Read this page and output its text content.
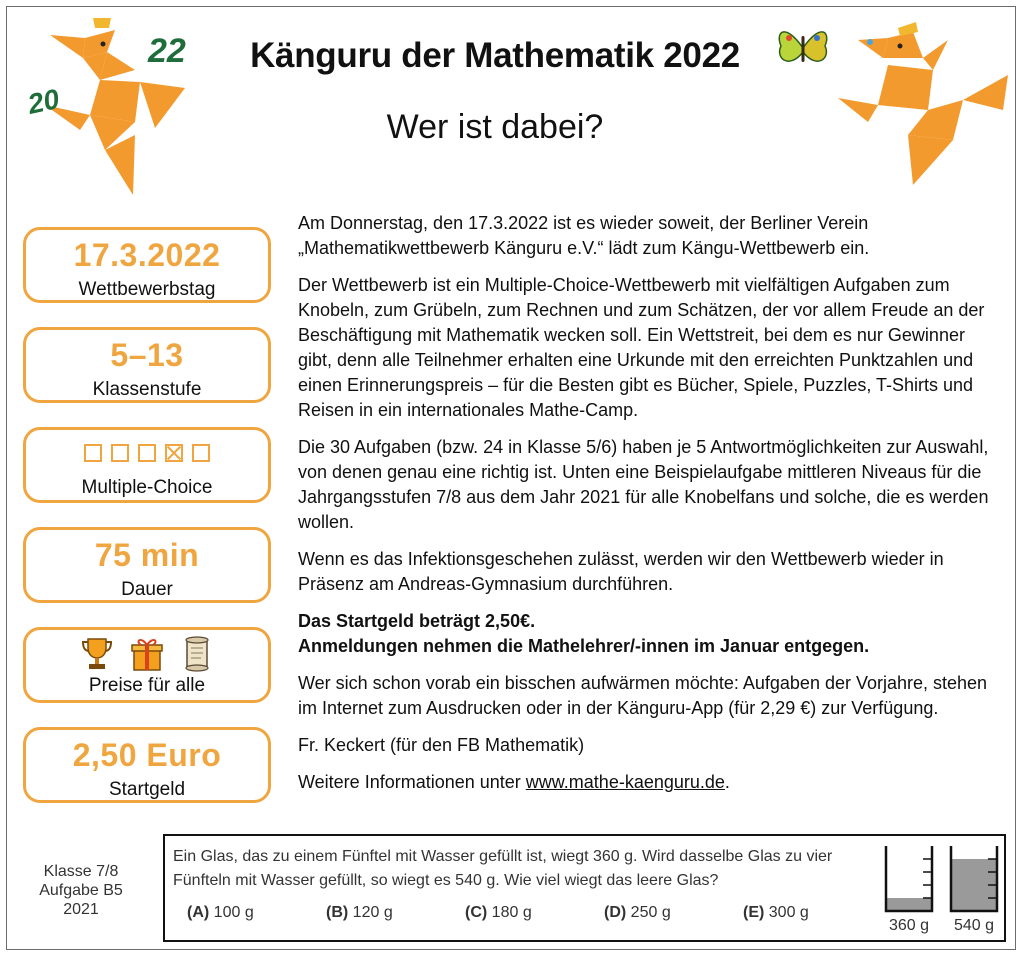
20
22	Känguru der Mathematik 2022
Wer ist dabei?
17.3.2022
Wettbewerbstag
5–13
Klassenstufe
Multiple-Choice
75 min
Dauer
Preise für alle
2,50 Euro
Startgeld

Am Donnerstag, den 17.3.2022 ist es wieder soweit, der Berliner Verein „Mathematikwettbewerb Känguru e.V.“ lädt zum Kängu-Wettbewerb ein.

Der Wettbewerb ist ein Multiple-Choice-Wettbewerb mit vielfältigen Aufgaben zum Knobeln, zum Grübeln, zum Rechnen und zum Schätzen, der vor allem Freude an der Beschäftigung mit Mathematik wecken soll. Ein Wettstreit, bei dem es nur Gewinner gibt, denn alle Teilnehmer erhalten eine Urkunde mit den erreichten Punktzahlen und einen Erinnerungspreis – für die Besten gibt es Bücher, Spiele, Puzzles, T-Shirts und Reisen in ein internationales Mathe-Camp.

Die 30 Aufgaben (bzw. 24 in Klasse 5/6) haben je 5 Antwortmöglichkeiten zur Auswahl, von denen genau eine richtig ist. Unten eine Beispielaufgabe mittleren Niveaus für die Jahrgangsstufen 7/8 aus dem Jahr 2021 für alle Knobelfans und solche, die es werden wollen.

Wenn es das Infektionsgeschehen zulässt, werden wir den Wettbewerb wieder in Präsenz am Andreas-Gymnasium durchführen.

Das Startgeld beträgt 2,50€.
Anmeldungen nehmen die Mathelehrer/-innen im Januar entgegen.

Wer sich schon vorab ein bisschen aufwärmen möchte: Aufgaben der Vorjahre, stehen im Internet zum Ausdrucken oder in der Känguru-App (für 2,29 €) zur Verfügung.

Fr. Keckert (für den FB Mathematik)

Weitere Informationen unter www.mathe-kaenguru.de.

Klasse 7/8
Aufgabe B5
2021
Ein Glas, das zu einem Fünftel mit Wasser gefüllt ist, wiegt 360 g. Wird dasselbe Glas zu vier Fünfteln mit Wasser gefüllt, so wiegt es 540 g. Wie viel wiegt das leere Glas?
(A) 100 g	(B) 120 g	(C) 180 g	(D) 250 g	(E) 300 g
360 g 540 g
